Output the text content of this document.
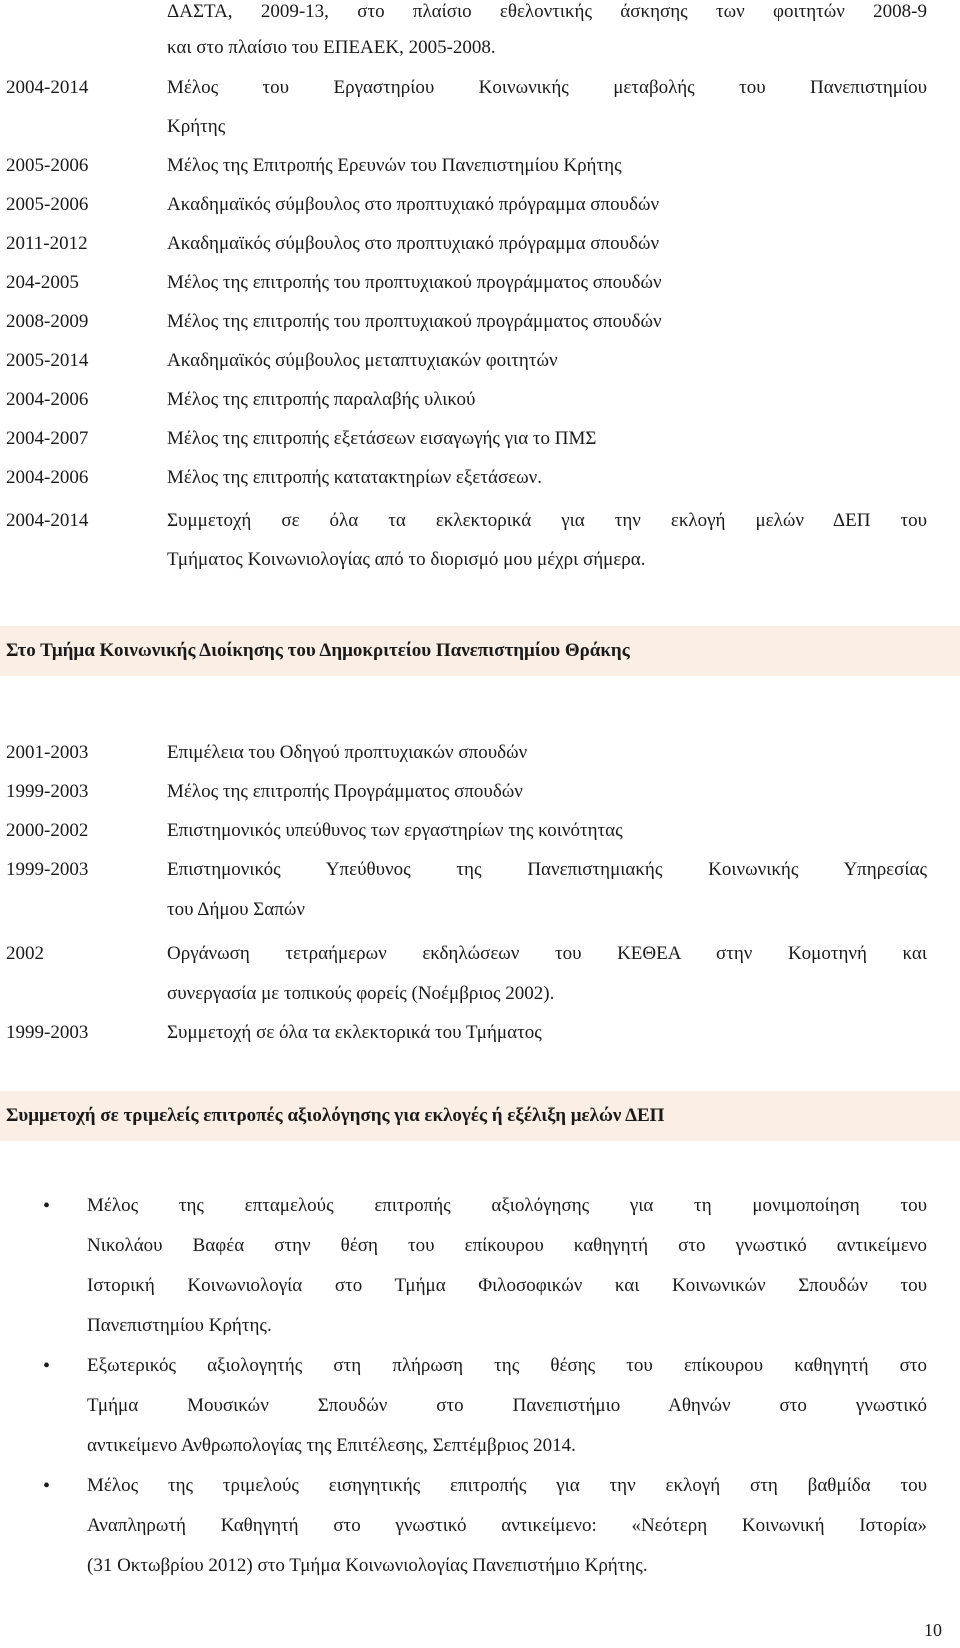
ΔΑΣΤΑ, 2009-13, στο πλαίσιο εθελοντικής άσκησης των φοιτητών 2008-9
και στο πλαίσιο του ΕΠΕΑΕΚ, 2005-2008.
2004-2014	Μέλος του Εργαστηρίου Κοινωνικής μεταβολής του Πανεπιστημίου
Κρήτης
2005-2006	Μέλος της Επιτροπής Ερευνών του Πανεπιστημίου Κρήτης
2005-2006	Ακαδημαϊκός σύμβουλος στο προπτυχιακό πρόγραμμα σπουδών
2011-2012	Ακαδημαϊκός σύμβουλος στο προπτυχιακό πρόγραμμα σπουδών
204-2005	Μέλος της επιτροπής του προπτυχιακού προγράμματος σπουδών
2008-2009	Μέλος της επιτροπής του προπτυχιακού προγράμματος σπουδών
2005-2014	Ακαδημαϊκός σύμβουλος μεταπτυχιακών φοιτητών
2004-2006	Μέλος της επιτροπής παραλαβής υλικού
2004-2007	Μέλος της επιτροπής εξετάσεων εισαγωγής για το ΠΜΣ
2004-2006	Μέλος της επιτροπής κατατακτηρίων εξετάσεων.
2004-2014	Συμμετοχή σε όλα τα εκλεκτορικά για την εκλογή μελών ΔΕΠ του
Τμήματος Κοινωνιολογίας από το διορισμό μου μέχρι σήμερα.
Στο Τμήμα Κοινωνικής Διοίκησης του Δημοκριτείου Πανεπιστημίου Θράκης
2001-2003	Επιμέλεια του Οδηγού προπτυχιακών σπουδών
1999-2003	Μέλος της επιτροπής Προγράμματος σπουδών
2000-2002	Επιστημονικός υπεύθυνος των εργαστηρίων της κοινότητας
1999-2003	Επιστημονικός Υπεύθυνος της Πανεπιστημιακής Κοινωνικής Υπηρεσίας
του Δήμου Σαπών
2002	Οργάνωση τετραήμερων εκδηλώσεων του ΚΕΘΕΑ στην Κομοτηνή και
συνεργασία με τοπικούς φορείς (Νοέμβριος 2002).
1999-2003	Συμμετοχή σε όλα τα εκλεκτορικά του Τμήματος
Συμμετοχή σε τριμελείς επιτροπές αξιολόγησης για εκλογές ή εξέλιξη μελών ΔΕΠ
•	Μέλος της επταμελούς επιτροπής αξιολόγησης για τη μονιμοποίηση του
Νικολάου Βαφέα στην θέση του επίκουρου καθηγητή στο γνωστικό αντικείμενο
Ιστορική Κοινωνιολογία στο Τμήμα Φιλοσοφικών και Κοινωνικών Σπουδών του
Πανεπιστημίου Κρήτης.
•	Εξωτερικός αξιολογητής στη πλήρωση της θέσης του επίκουρου καθηγητή στο
Τμήμα Μουσικών Σπουδών στο Πανεπιστήμιο Αθηνών στο γνωστικό
αντικείμενο Ανθρωπολογίας της Επιτέλεσης, Σεπτέμβριος 2014.
•	Μέλος της τριμελούς εισηγητικής επιτροπής για την εκλογή στη βαθμίδα του
Αναπληρωτή Καθηγητή στο γνωστικό αντικείμενο: «Νεότερη Κοινωνική Ιστορία»
(31 Οκτωβρίου 2012) στο Τμήμα Κοινωνιολογίας Πανεπιστήμιο Κρήτης.
10
